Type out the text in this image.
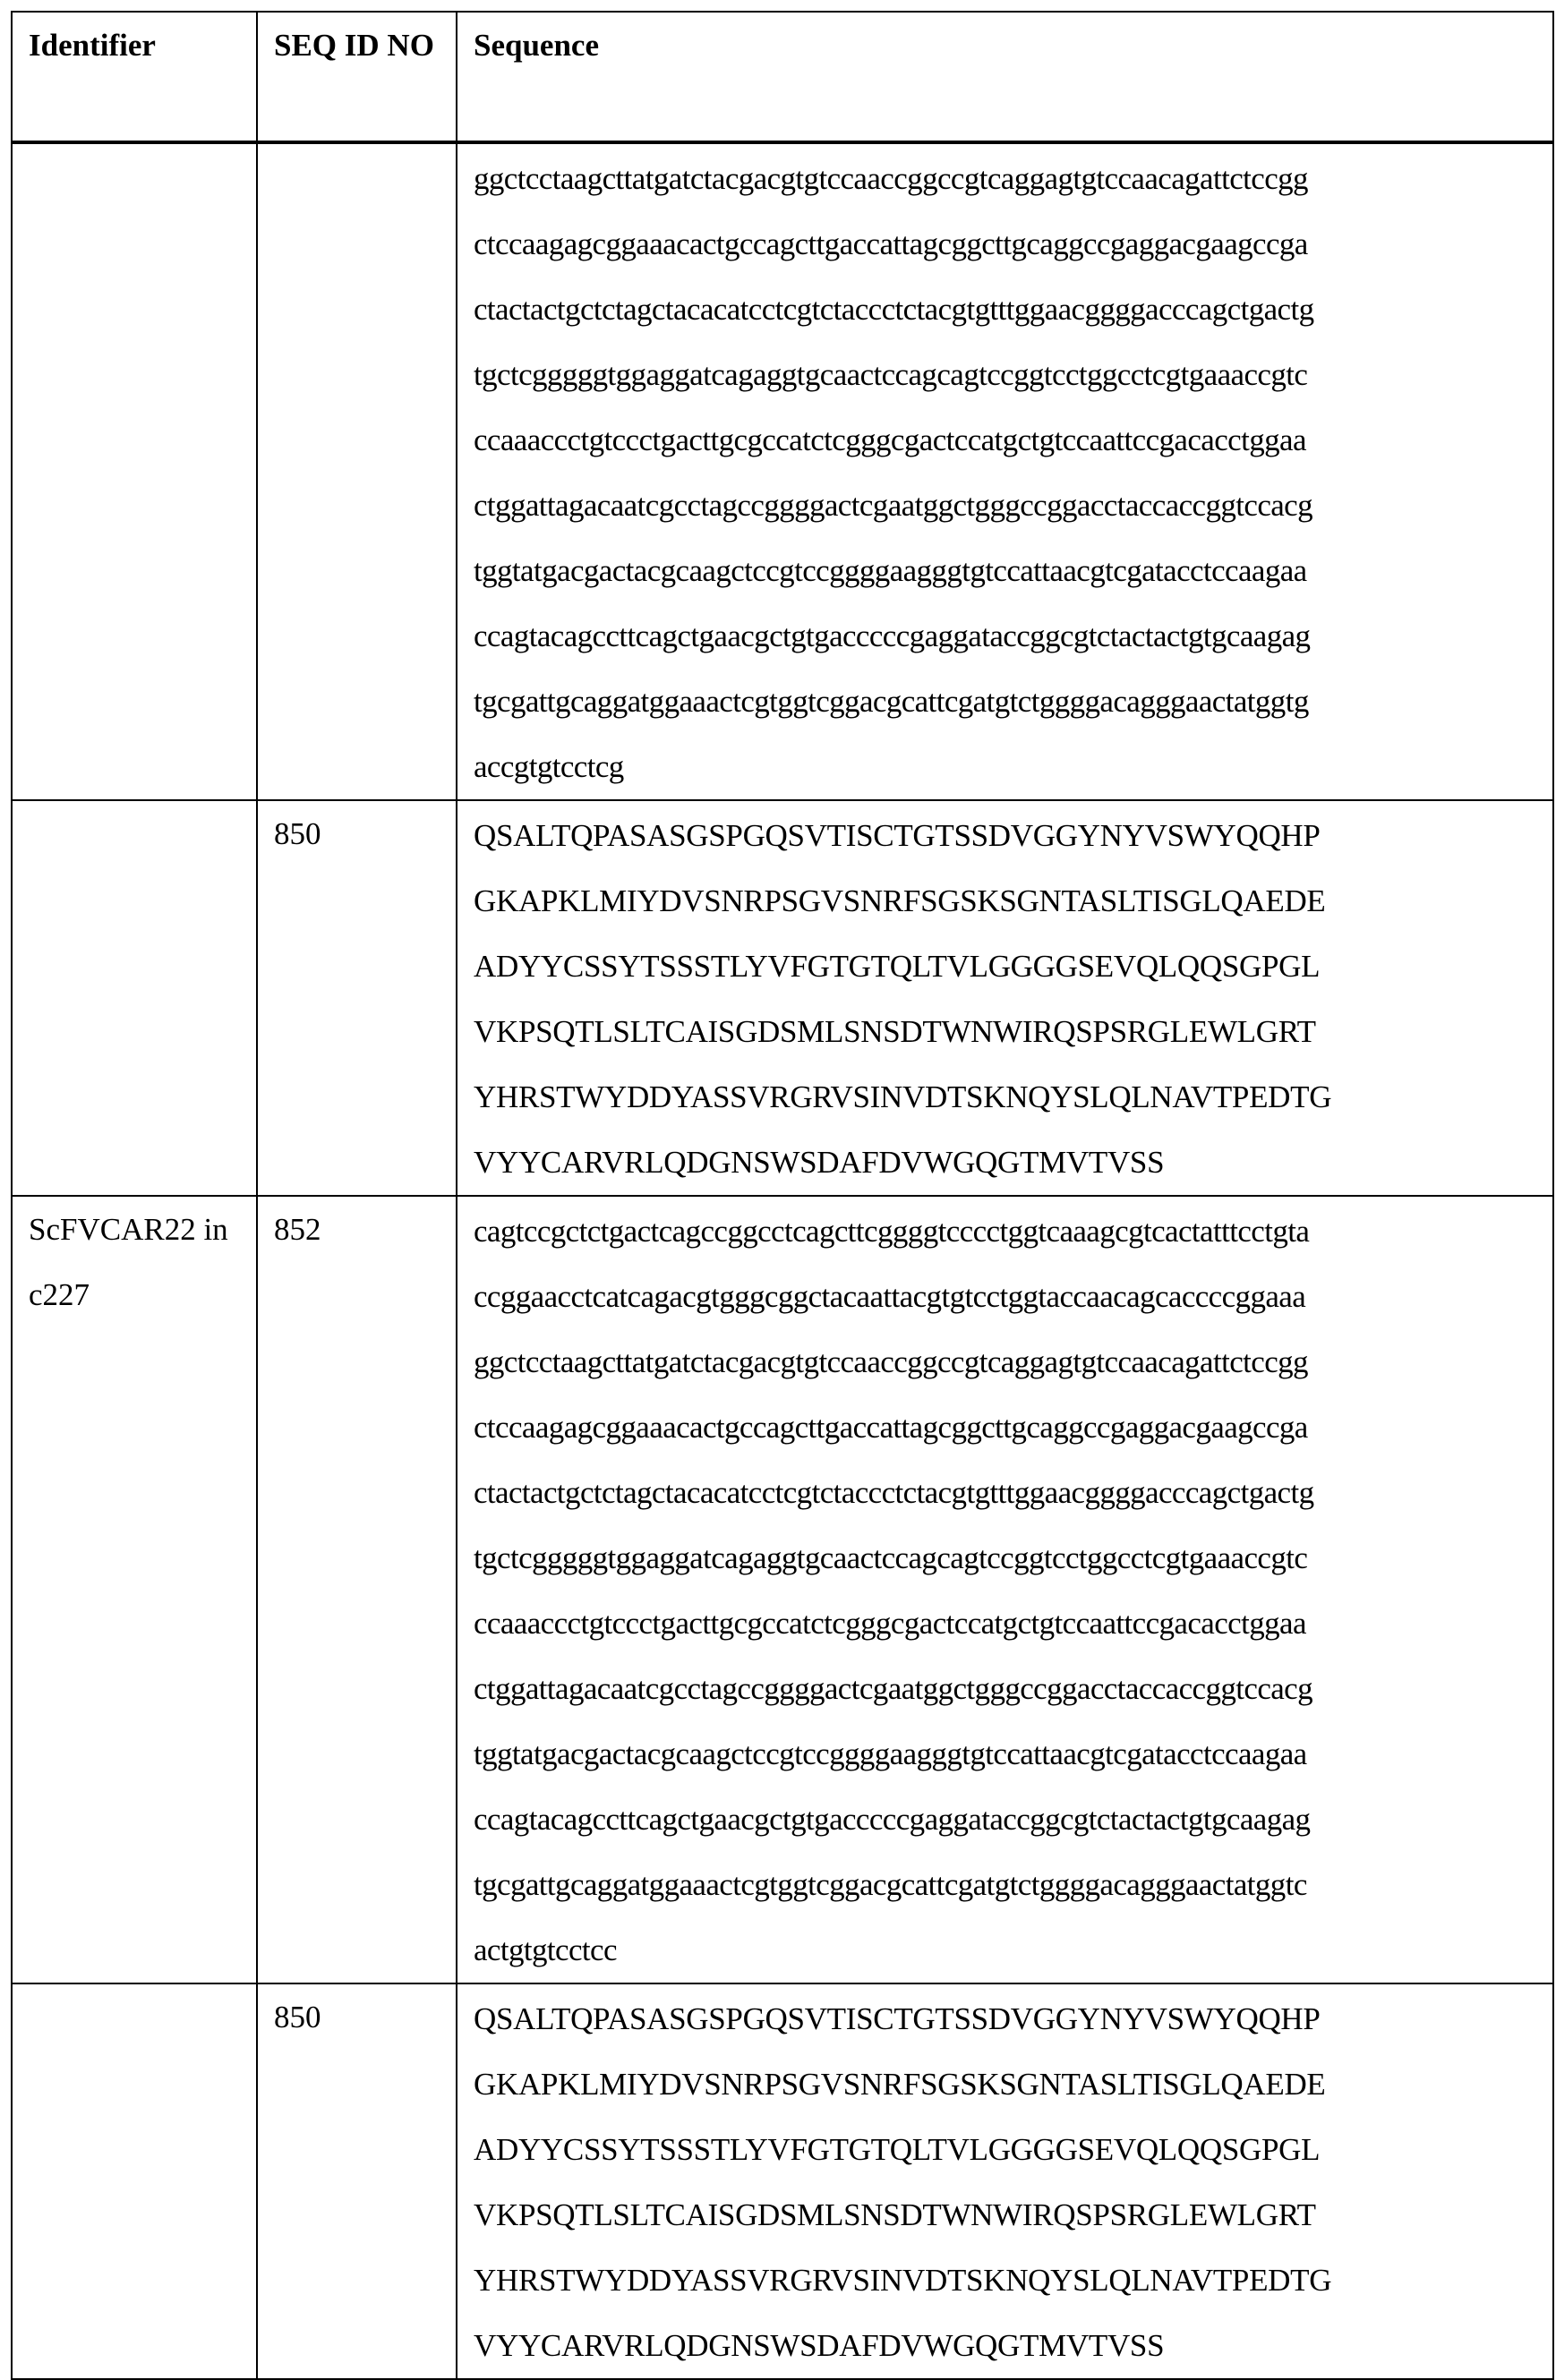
Identifier	SEQ ID NO	Sequence

ggctcctaagcttatgatctacgacgtgtccaaccggccgtcaggagtgtccaacagattctccgg
ctccaagagcggaaacactgccagcttgaccattagcggcttgcaggccgaggacgaagccga
ctactactgctctagctacacatcctcgtctaccctctacgtgtttggaacggggacccagctgactg
tgctcgggggtggaggatcagaggtgcaactccagcagtccggtcctggcctcgtgaaaccgtc
ccaaaccctgtccctgacttgcgccatctcgggcgactccatgctgtccaattccgacacctggaa
ctggattagacaatcgcctagccggggactcgaatggctgggccggacctaccaccggtccacg
tggtatgacgactacgcaagctccgtccggggaagggtgtccattaacgtcgatacctccaagaa
ccagtacagccttcagctgaacgctgtgacccccgaggataccggcgtctactactgtgcaagag
tgcgattgcaggatggaaactcgtggtcggacgcattcgatgtctggggacagggaactatggtg
accgtgtcctcg

	850	QSALTQPASASGSPGQSVTISCTGTSSDVGGYNYVSWYQQHP
GKAPKLMIYDVSNRPSGVSNRFSGSKSGNTASLTISGLQAEDE
ADYYCSSYTSSSTLYVFGTGTQLTVLGGGGSEVQLQQSGPGL
VKPSQTLSLTCAISGDSMLSNSDTWNWIRQSPSRGLEWLGRT
YHRSTWYDDYASSVRGRVSINVDTSKNQYSLQLNAVTPEDTG
VYYCARVRLQDGNSWSDAFDVWGQGTMVTVSS

ScFVCAR22 in c227	852	cagtccgctctgactcagccggcctcagcttcggggtcccctggtcaaagcgtcactatttcctgta
ccggaacctcatcagacgtgggcggctacaattacgtgtcctggtaccaacagcaccccggaaa
ggctcctaagcttatgatctacgacgtgtccaaccggccgtcaggagtgtccaacagattctccgg
ctccaagagcggaaacactgccagcttgaccattagcggcttgcaggccgaggacgaagccga
ctactactgctctagctacacatcctcgtctaccctctacgtgtttggaacggggacccagctgactg
tgctcgggggtggaggatcagaggtgcaactccagcagtccggtcctggcctcgtgaaaccgtc
ccaaaccctgtccctgacttgcgccatctcgggcgactccatgctgtccaattccgacacctggaa
ctggattagacaatcgcctagccggggactcgaatggctgggccggacctaccaccggtccacg
tggtatgacgactacgcaagctccgtccggggaagggtgtccattaacgtcgatacctccaagaa
ccagtacagccttcagctgaacgctgtgacccccgaggataccggcgtctactactgtgcaagag
tgcgattgcaggatggaaactcgtggtcggacgcattcgatgtctggggacagggaactatggtc
actgtgtcctcc

	850	QSALTQPASASGSPGQSVTISCTGTSSDVGGYNYVSWYQQHP
GKAPKLMIYDVSNRPSGVSNRFSGSKSGNTASLTISGLQAEDE
ADYYCSSYTSSSTLYVFGTGTQLTVLGGGGSEVQLQQSGPGL
VKPSQTLSLTCAISGDSMLSNSDTWNWIRQSPSRGLEWLGRT
YHRSTWYDDYASSVRGRVSINVDTSKNQYSLQLNAVTPEDTG
VYYCARVRLQDGNSWSDAFDVWGQGTMVTVSS
